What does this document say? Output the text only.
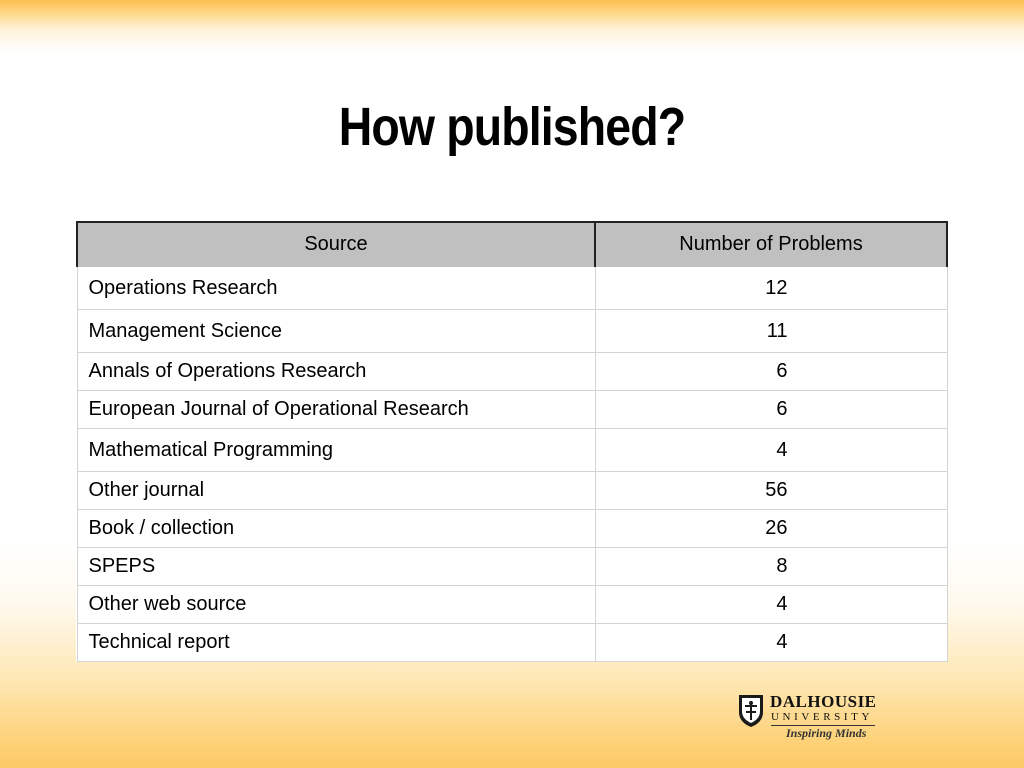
How published?
Source	Number of Problems
Operations Research	12
Management Science	11
Annals of Operations Research	6
European Journal of Operational Research	6
Mathematical Programming	4
Other journal	56
Book / collection	26
SPEPS	8
Other web source	4
Technical report	4
DALHOUSIE
UNIVERSITY
Inspiring Minds
